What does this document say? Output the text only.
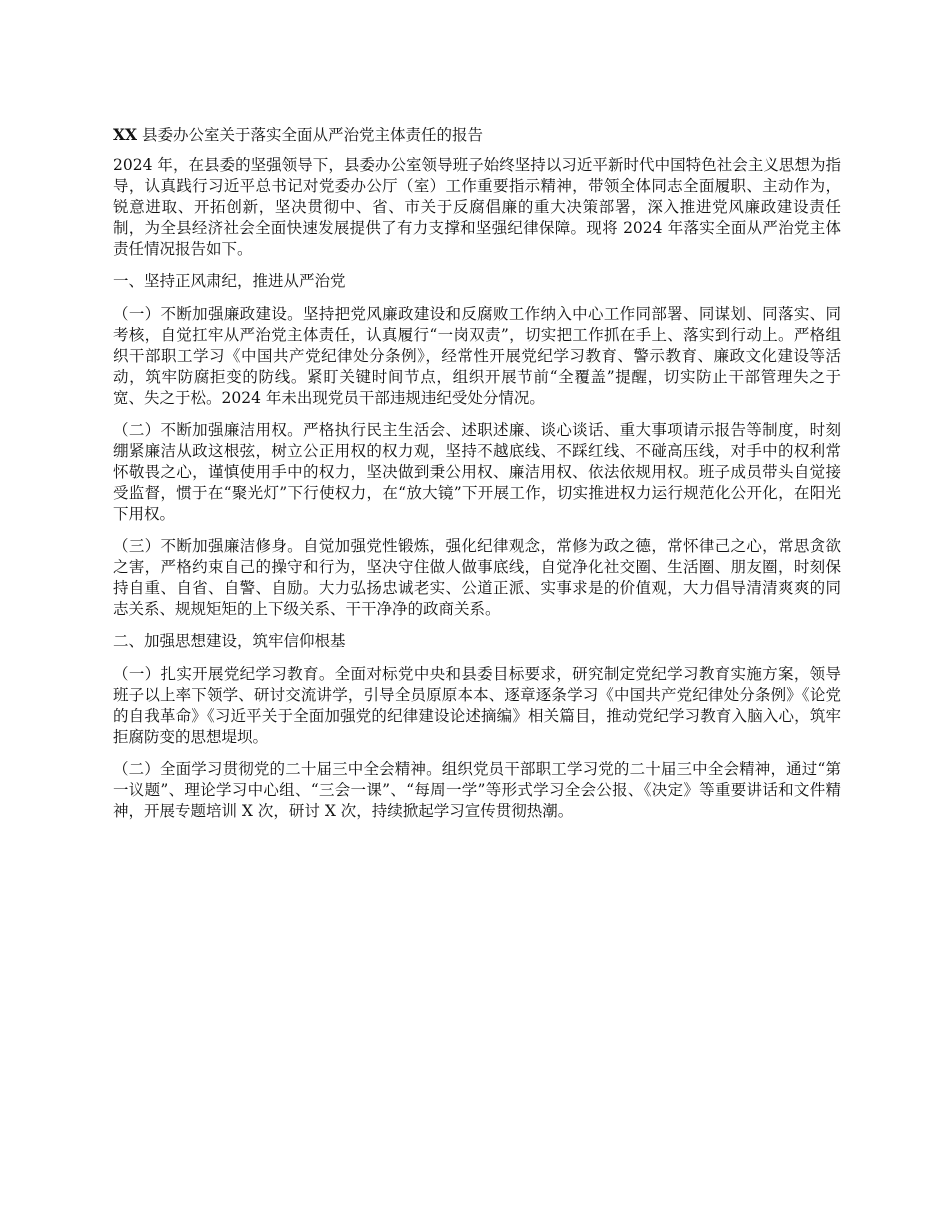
XX 县委办公室关于落实全面从严治党主体责任的报告

2024 年，在县委的坚强领导下，县委办公室领导班子始终坚持以习近平新时代中国特色社会主义思想为指导，认真践行习近平总书记对党委办公厅（室）工作重要指示精神，带领全体同志全面履职、主动作为，锐意进取、开拓创新，坚决贯彻中、省、市关于反腐倡廉的重大决策部署，深入推进党风廉政建设责任制，为全县经济社会全面快速发展提供了有力支撑和坚强纪律保障。现将 2024 年落实全面从严治党主体责任情况报告如下。

一、坚持正风肃纪，推进从严治党

（一）不断加强廉政建设。坚持把党风廉政建设和反腐败工作纳入中心工作同部署、同谋划、同落实、同考核，自觉扛牢从严治党主体责任，认真履行“一岗双责”，切实把工作抓在手上、落实到行动上。严格组织干部职工学习《中国共产党纪律处分条例》，经常性开展党纪学习教育、警示教育、廉政文化建设等活动，筑牢防腐拒变的防线。紧盯关键时间节点，组织开展节前“全覆盖”提醒，切实防止干部管理失之于宽、失之于松。2024 年未出现党员干部违规违纪受处分情况。

（二）不断加强廉洁用权。严格执行民主生活会、述职述廉、谈心谈话、重大事项请示报告等制度，时刻绷紧廉洁从政这根弦，树立公正用权的权力观，坚持不越底线、不踩红线、不碰高压线，对手中的权利常怀敬畏之心，谨慎使用手中的权力，坚决做到秉公用权、廉洁用权、依法依规用权。班子成员带头自觉接受监督，惯于在“聚光灯”下行使权力，在“放大镜”下开展工作，切实推进权力运行规范化公开化，在阳光下用权。

（三）不断加强廉洁修身。自觉加强党性锻炼，强化纪律观念，常修为政之德，常怀律己之心，常思贪欲之害，严格约束自己的操守和行为，坚决守住做人做事底线，自觉净化社交圈、生活圈、朋友圈，时刻保持自重、自省、自警、自励。大力弘扬忠诚老实、公道正派、实事求是的价值观，大力倡导清清爽爽的同志关系、规规矩矩的上下级关系、干干净净的政商关系。

二、加强思想建设，筑牢信仰根基

（一）扎实开展党纪学习教育。全面对标党中央和县委目标要求，研究制定党纪学习教育实施方案，领导班子以上率下领学、研讨交流讲学，引导全员原原本本、逐章逐条学习《中国共产党纪律处分条例》《论党的自我革命》《习近平关于全面加强党的纪律建设论述摘编》相关篇目，推动党纪学习教育入脑入心，筑牢拒腐防变的思想堤坝。

（二）全面学习贯彻党的二十届三中全会精神。组织党员干部职工学习党的二十届三中全会精神，通过“第一议题”、理论学习中心组、“三会一课”、“每周一学”等形式学习全会公报、《决定》等重要讲话和文件精神，开展专题培训 X 次，研讨 X 次，持续掀起学习宣传贯彻热潮。
